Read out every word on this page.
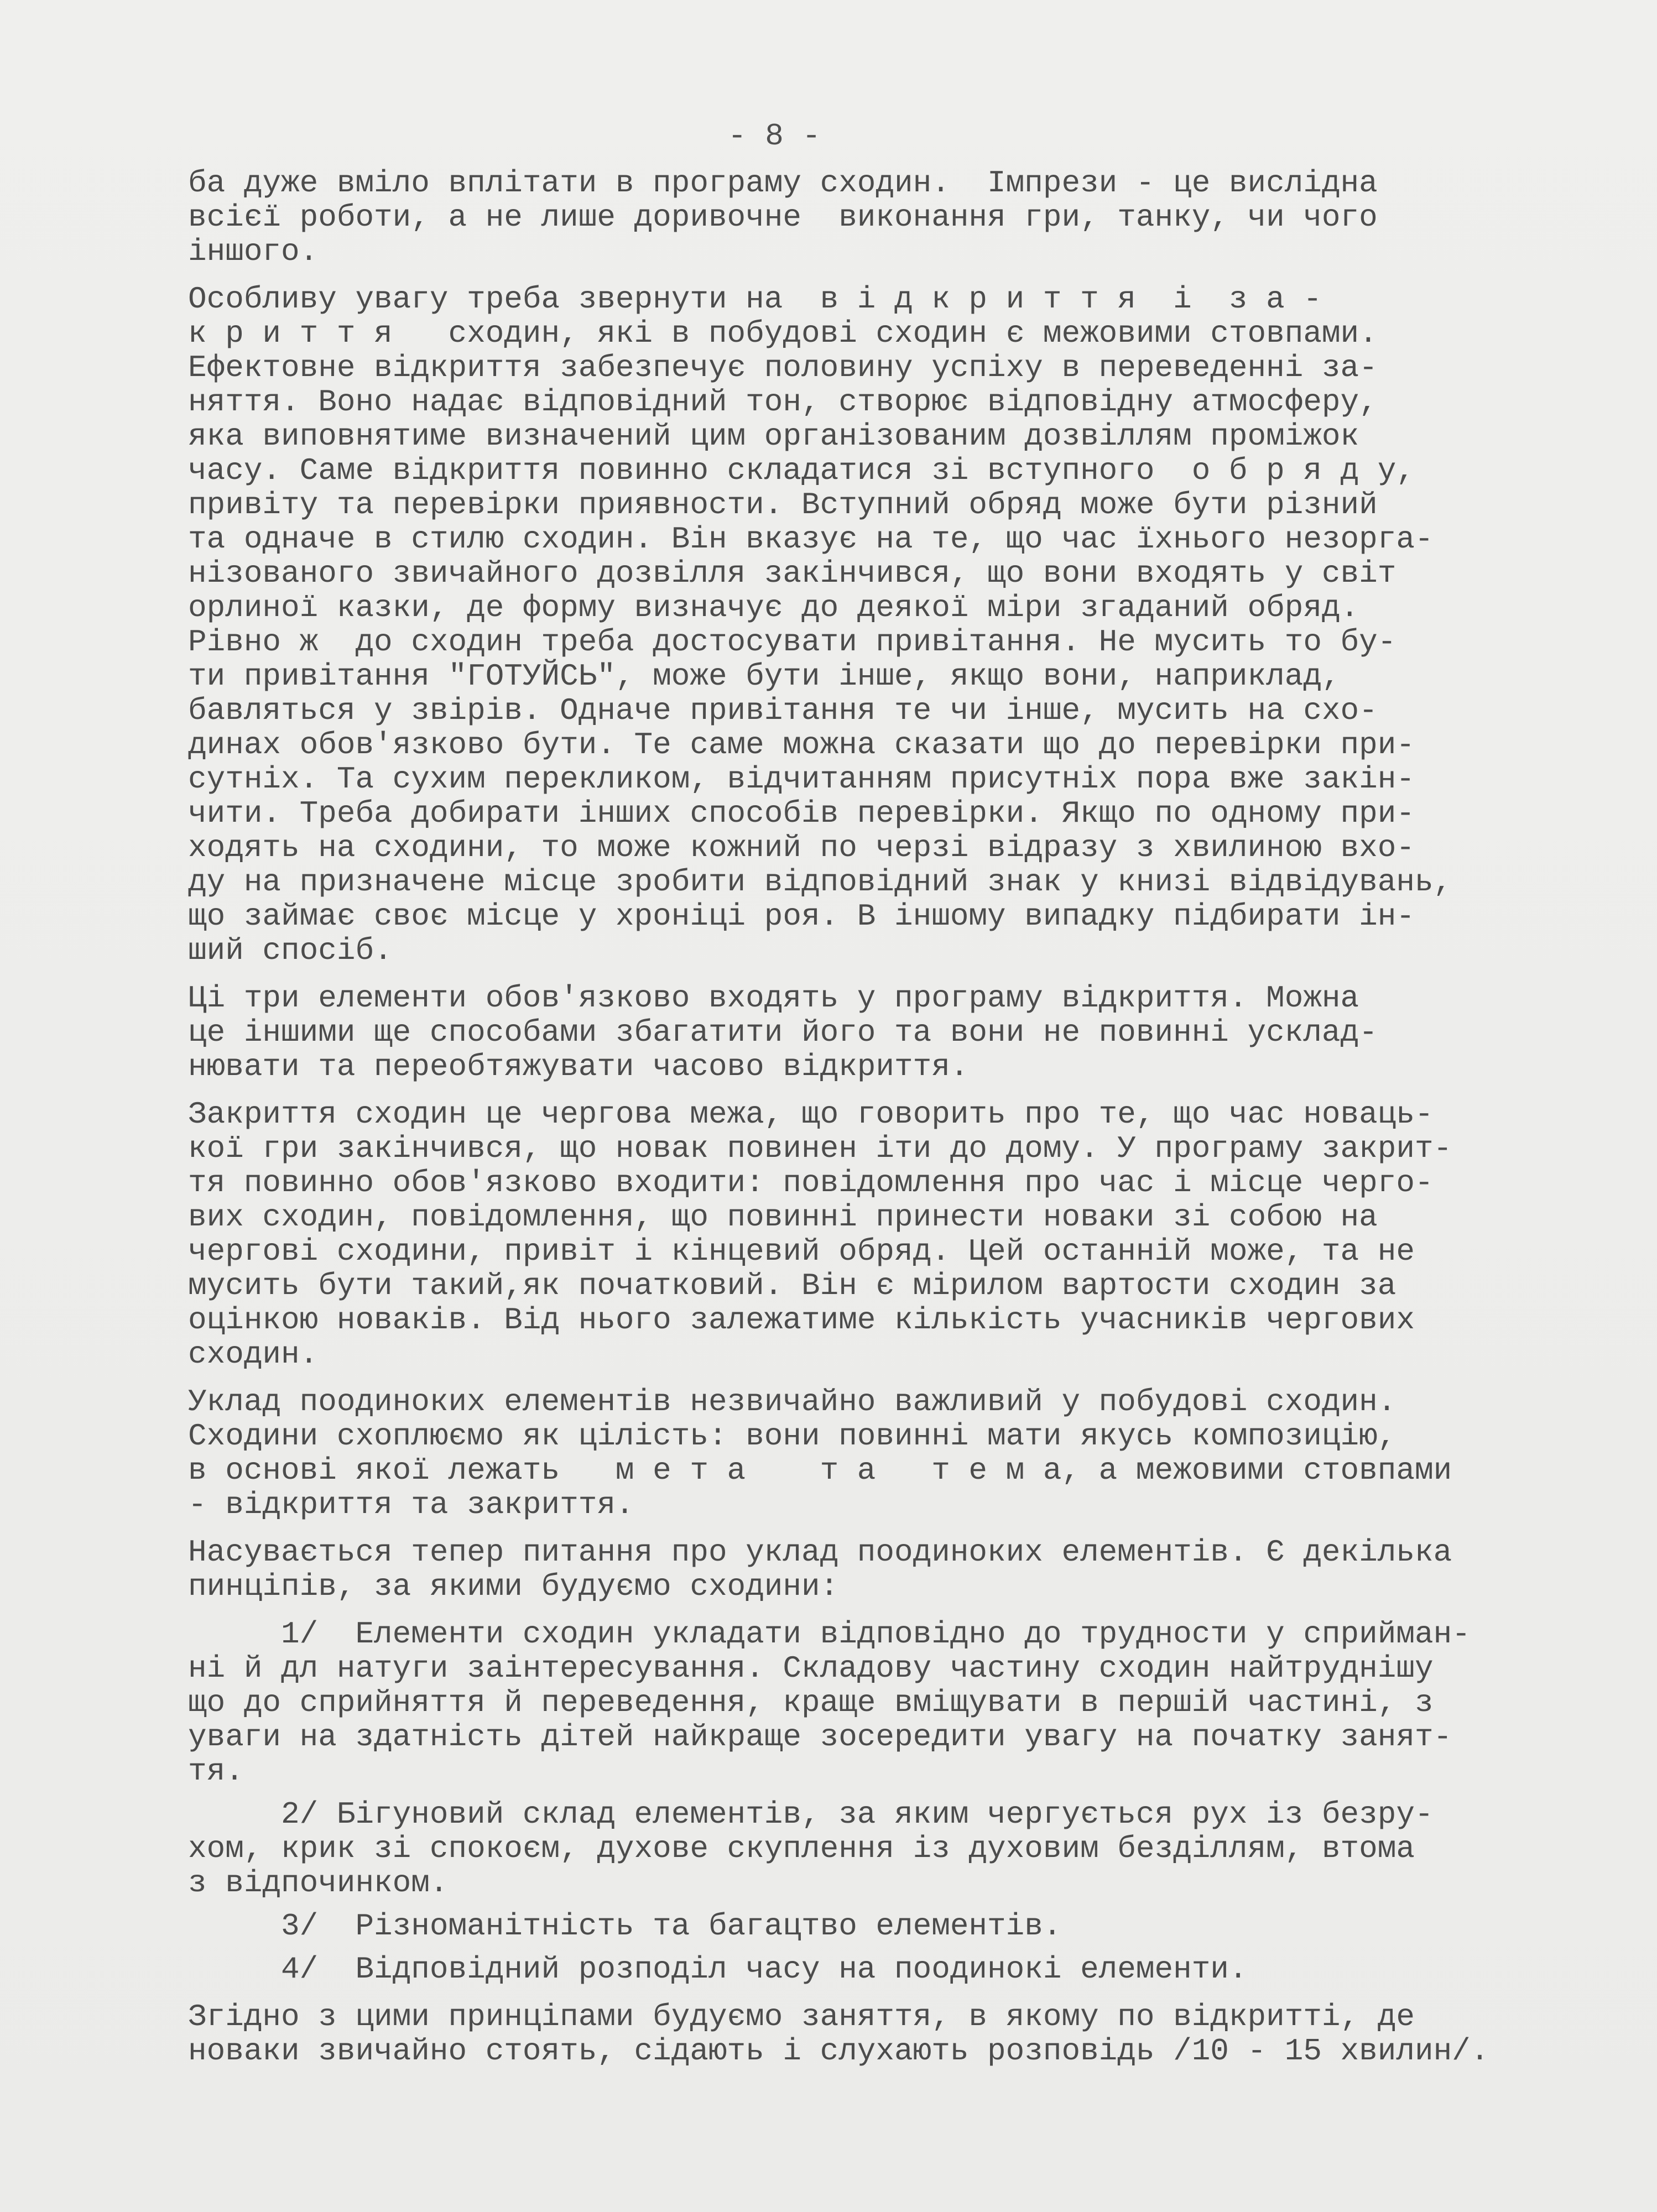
- 8 -
ба дуже вміло вплітати в програму сходин.  Імпрези - це вислідна
всієї роботи, а не лише доривочне  виконання гри, танку, чи чого
іншого.
Особливу увагу треба звернути на  в і д к р и т т я  і  з а -
к р и т т я   сходин, які в побудові сходин є межовими стовпами.
Ефектовне відкриття забезпечує половину успіху в переведенні за-
няття. Воно надає відповідний тон, створює відповідну атмосферу,
яка виповнятиме визначений цим організованим дозвіллям проміжок
часу. Саме відкриття повинно складатися зі вступного  о б р я д у,
привіту та перевірки приявности. Вступний обряд може бути різний
та одначе в стилю сходин. Він вказує на те, що час їхнього незорга-
нізованого звичайного дозвілля закінчився, що вони входять у світ
орлиної казки, де форму визначує до деякої міри згаданий обряд.
Рівно ж  до сходин треба достосувати привітання. Не мусить то бу-
ти привітання "ГОТУЙСЬ", може бути інше, якщо вони, наприклад,
бавляться у звірів. Одначе привітання те чи інше, мусить на схо-
динах обов'язково бути. Те саме можна сказати що до перевірки при-
сутніх. Та сухим перекликом, відчитанням присутніх пора вже закін-
чити. Треба добирати інших способів перевірки. Якщо по одному при-
ходять на сходини, то може кожний по черзі відразу з хвилиною вхо-
ду на призначене місце зробити відповідний знак у книзі відвідувань,
що займає своє місце у хроніці роя. В іншому випадку підбирати ін-
ший спосіб.
Ці три елементи обов'язково входять у програму відкриття. Можна
це іншими ще способами збагатити його та вони не повинні усклад-
нювати та переобтяжувати часово відкриття.
Закриття сходин це чергова межа, що говорить про те, що час новаць-
кої гри закінчився, що новак повинен іти до дому. У програму закрит-
тя повинно обов'язково входити: повідомлення про час і місце черго-
вих сходин, повідомлення, що повинні принести новаки зі собою на
чергові сходини, привіт і кінцевий обряд. Цей останній може, та не
мусить бути такий,як початковий. Він є мірилом вартости сходин за
оцінкою новаків. Від нього залежатиме кількість учасників чергових
сходин.
Уклад поодиноких елементів незвичайно важливий у побудові сходин.
Сходини схоплюємо як цілість: вони повинні мати якусь композицію,
в основі якої лежать   м е т а    т а   т е м а, а межовими стовпами
- відкриття та закриття.
Насувається тепер питання про уклад поодиноких елементів. Є декілька
пинціпів, за якими будуємо сходини:
1/  Елементи сходин укладати відповідно до трудности у сприйман-
ні й дл натуги заінтересування. Складову частину сходин найтруднішу
що до сприйняття й переведення, краще вміщувати в першій частині, з
уваги на здатність дітей найкраще зосередити увагу на початку занят-
тя.
2/ Бігуновий склад елементів, за яким чергується рух із безру-
хом, крик зі спокоєм, духове скуплення із духовим безділлям, втома
з відпочинком.
3/  Різноманітність та багацтво елементів.
4/  Відповідний розподіл часу на поодинокі елементи.
Згідно з цими принціпами будуємо заняття, в якому по відкритті, де
новаки звичайно стоять, сідають і слухають розповідь /10 - 15 хвилин/.
